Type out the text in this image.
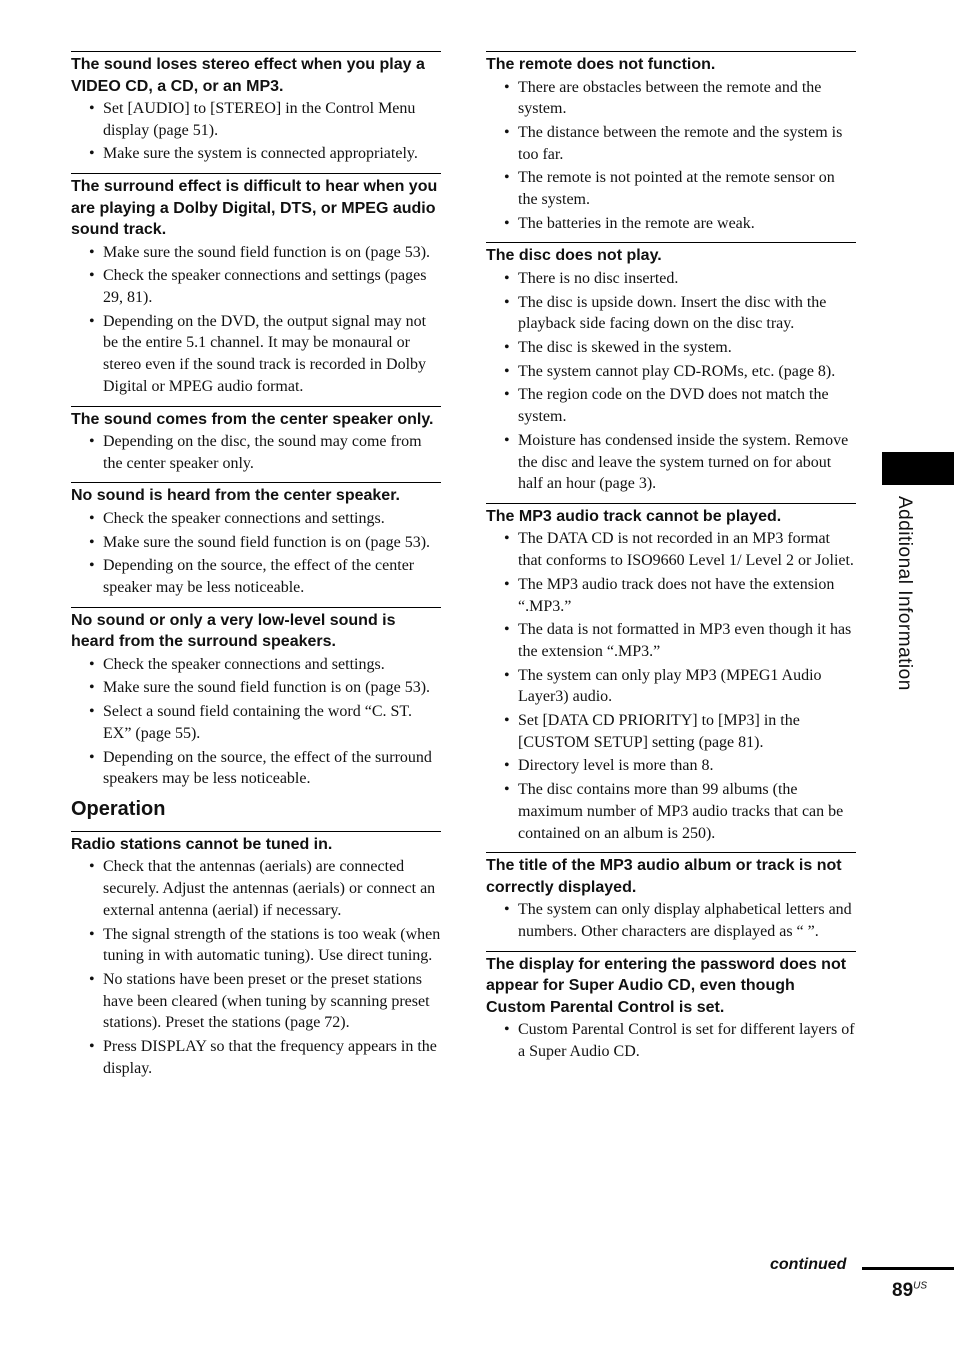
The sound loses stereo effect when you play a VIDEO CD, a CD, or an MP3.
• Set [AUDIO] to [STEREO] in the Control Menu display (page 51).
• Make sure the system is connected appropriately.
The surround effect is difficult to hear when you are playing a Dolby Digital, DTS, or MPEG audio sound track.
• Make sure the sound field function is on (page 53).
• Check the speaker connections and settings (pages 29, 81).
• Depending on the DVD, the output signal may not be the entire 5.1 channel. It may be monaural or stereo even if the sound track is recorded in Dolby Digital or MPEG audio format.
The sound comes from the center speaker only.
• Depending on the disc, the sound may come from the center speaker only.
No sound is heard from the center speaker.
• Check the speaker connections and settings.
• Make sure the sound field function is on (page 53).
• Depending on the source, the effect of the center speaker may be less noticeable.
No sound or only a very low-level sound is heard from the surround speakers.
• Check the speaker connections and settings.
• Make sure the sound field function is on (page 53).
• Select a sound field containing the word “C. ST. EX” (page 55).
• Depending on the source, the effect of the surround speakers may be less noticeable.
Operation
Radio stations cannot be tuned in.
• Check that the antennas (aerials) are connected securely. Adjust the antennas (aerials) or connect an external antenna (aerial) if necessary.
• The signal strength of the stations is too weak (when tuning in with automatic tuning). Use direct tuning.
• No stations have been preset or the preset stations have been cleared (when tuning by scanning preset stations). Preset the stations (page 72).
• Press DISPLAY so that the frequency appears in the display.
The remote does not function.
• There are obstacles between the remote and the system.
• The distance between the remote and the system is too far.
• The remote is not pointed at the remote sensor on the system.
• The batteries in the remote are weak.
The disc does not play.
• There is no disc inserted.
• The disc is upside down. Insert the disc with the playback side facing down on the disc tray.
• The disc is skewed in the system.
• The system cannot play CD-ROMs, etc. (page 8).
• The region code on the DVD does not match the system.
• Moisture has condensed inside the system. Remove the disc and leave the system turned on for about half an hour (page 3).
The MP3 audio track cannot be played.
• The DATA CD is not recorded in an MP3 format that conforms to ISO9660 Level 1/ Level 2 or Joliet.
• The MP3 audio track does not have the extension “.MP3.”
• The data is not formatted in MP3 even though it has the extension “.MP3.”
• The system can only play MP3 (MPEG1 Audio Layer3) audio.
• Set [DATA CD PRIORITY] to [MP3] in the [CUSTOM SETUP] setting (page 81).
• Directory level is more than 8.
• The disc contains more than 99 albums (the maximum number of MP3 audio tracks that can be contained on an album is 250).
The title of the MP3 audio album or track is not correctly displayed.
• The system can only display alphabetical letters and numbers. Other characters are displayed as “ ”.
The display for entering the password does not appear for Super Audio CD, even though Custom Parental Control is set.
• Custom Parental Control is set for different layers of a Super Audio CD.
Additional Information
continued
$89^{US}$
